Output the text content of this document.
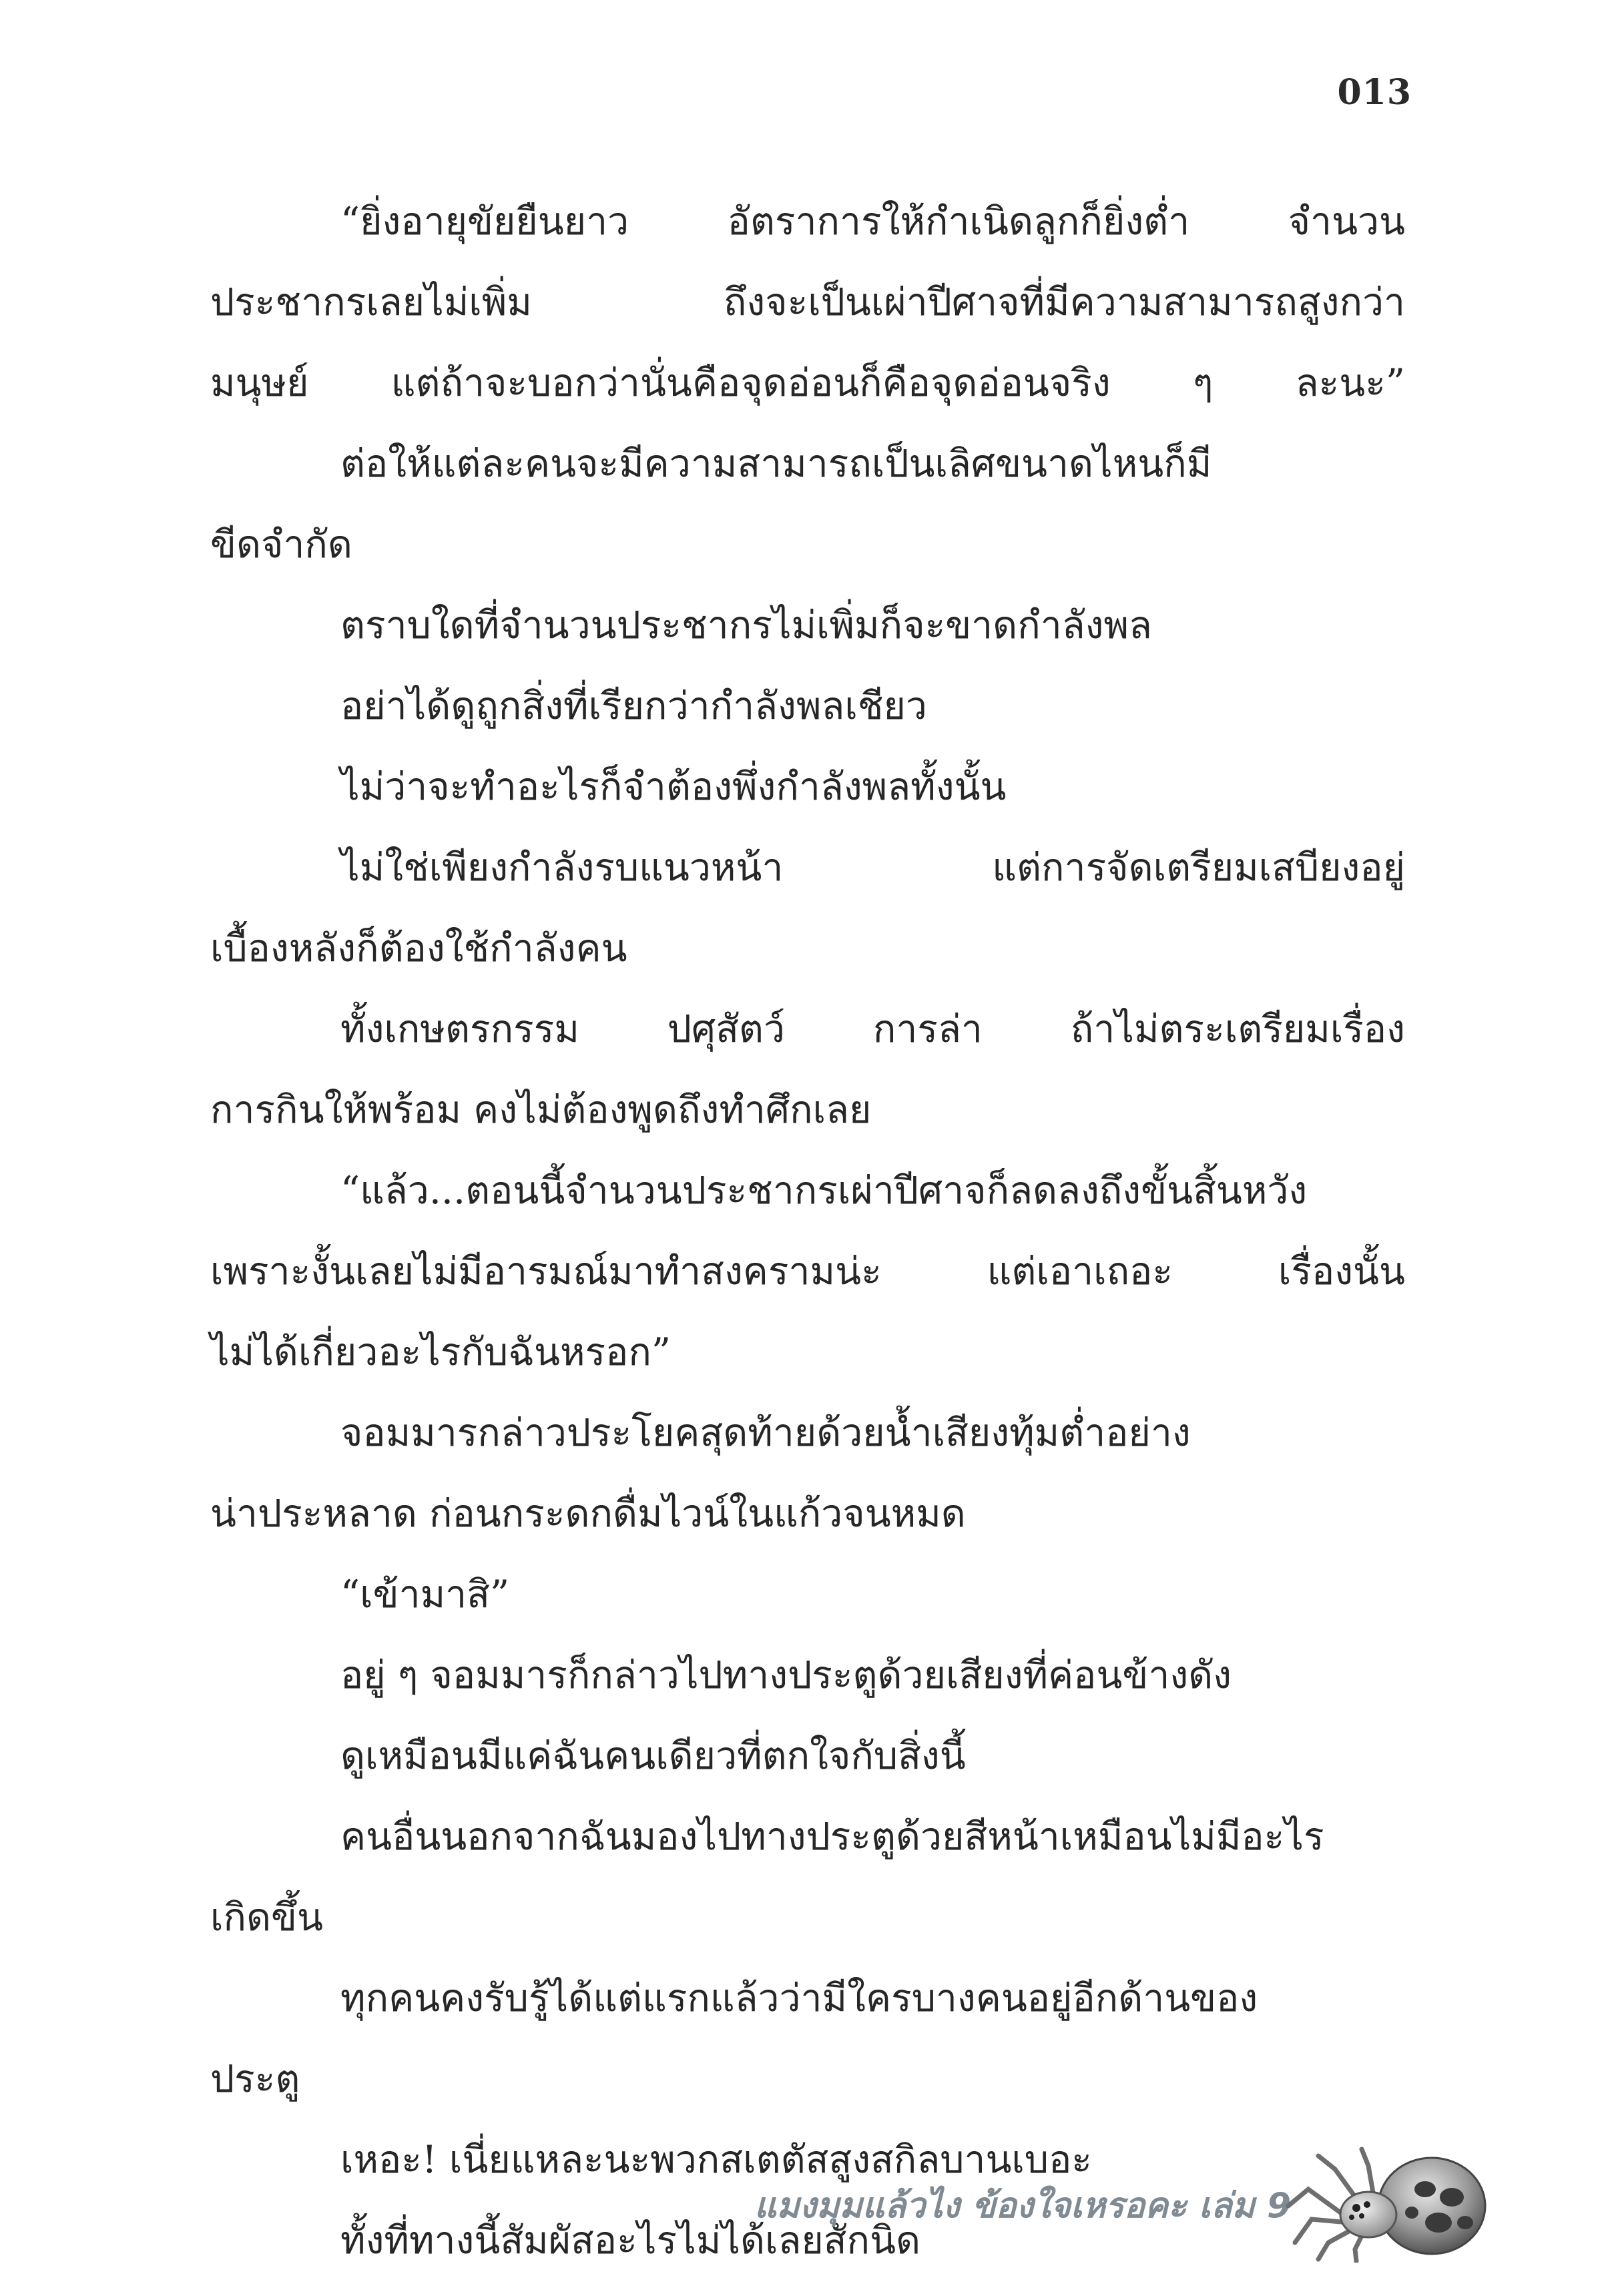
013
“ยิ่งอายุขัยยืนยาว อัตราการให้กำเนิดลูกก็ยิ่งต่ำ จำนวน
ประชากรเลยไม่เพิ่ม ถึงจะเป็นเผ่าปีศาจที่มีความสามารถสูงกว่า
มนุษย์ แต่ถ้าจะบอกว่านั่นคือจุดอ่อนก็คือจุดอ่อนจริง ๆ ละนะ”
ต่อให้แต่ละคนจะมีความสามารถเป็นเลิศขนาดไหนก็มี
ขีดจำกัด
ตราบใดที่จำนวนประชากรไม่เพิ่มก็จะขาดกำลังพล
อย่าได้ดูถูกสิ่งที่เรียกว่ากำลังพลเชียว
ไม่ว่าจะทำอะไรก็จำต้องพึ่งกำลังพลทั้งนั้น
ไม่ใช่เพียงกำลังรบแนวหน้า แต่การจัดเตรียมเสบียงอยู่
เบื้องหลังก็ต้องใช้กำลังคน
ทั้งเกษตรกรรม ปศุสัตว์ การล่า ถ้าไม่ตระเตรียมเรื่อง
การกินให้พร้อม คงไม่ต้องพูดถึงทำศึกเลย
“แล้ว...ตอนนี้จำนวนประชากรเผ่าปีศาจก็ลดลงถึงขั้นสิ้นหวัง
เพราะงั้นเลยไม่มีอารมณ์มาทำสงครามน่ะ แต่เอาเถอะ เรื่องนั้น
ไม่ได้เกี่ยวอะไรกับฉันหรอก”
จอมมารกล่าวประโยคสุดท้ายด้วยน้ำเสียงทุ้มต่ำอย่าง
น่าประหลาด ก่อนกระดกดื่มไวน์ในแก้วจนหมด
“เข้ามาสิ”
อยู่ ๆ จอมมารก็กล่าวไปทางประตูด้วยเสียงที่ค่อนข้างดัง
ดูเหมือนมีแค่ฉันคนเดียวที่ตกใจกับสิ่งนี้
คนอื่นนอกจากฉันมองไปทางประตูด้วยสีหน้าเหมือนไม่มีอะไร
เกิดขึ้น
ทุกคนคงรับรู้ได้แต่แรกแล้วว่ามีใครบางคนอยู่อีกด้านของ
ประตู
เหอะ! เนี่ยแหละนะพวกสเตตัสสูงสกิลบานเบอะ
ทั้งที่ทางนี้สัมผัสอะไรไม่ได้เลยสักนิด
แมงมุมแล้วไง ข้องใจเหรอคะ เล่ม 9
